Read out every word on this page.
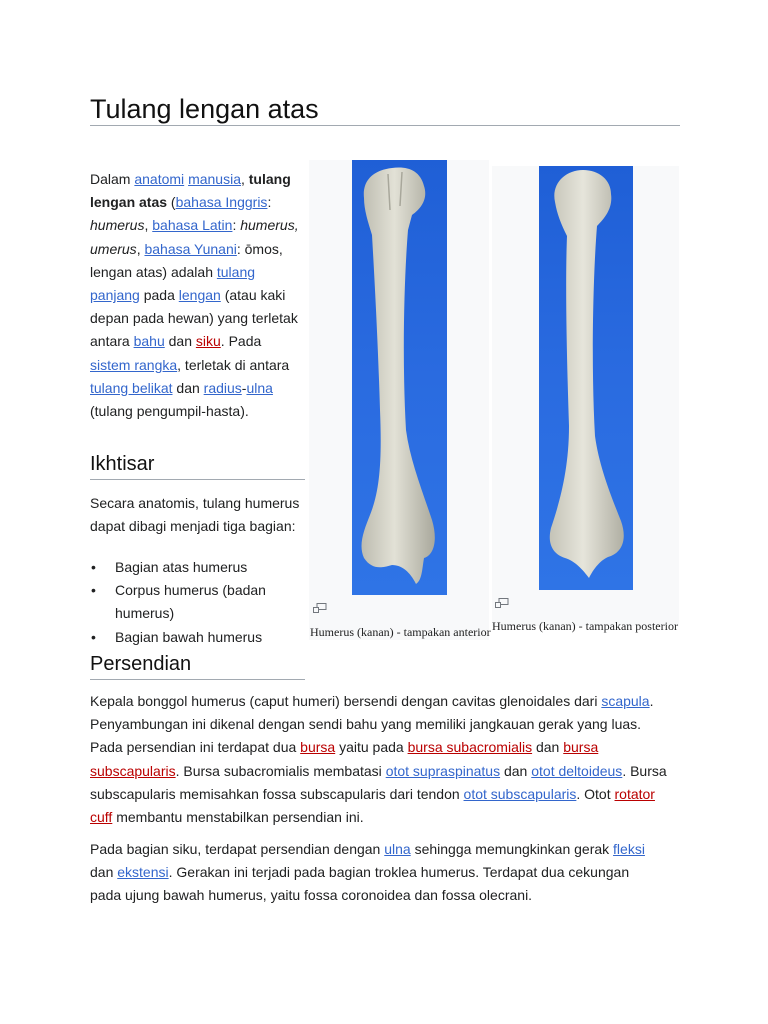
Tulang lengan atas

Dalam anatomi manusia, tulang lengan atas (bahasa Inggris: humerus, bahasa Latin: humerus, umerus, bahasa Yunani: ōmos, lengan atas) adalah tulang panjang pada lengan (atau kaki depan pada hewan) yang terletak antara bahu dan siku. Pada sistem rangka, terletak di antara tulang belikat dan radius-ulna (tulang pengumpil-hasta).

Ikhtisar

Secara anatomis, tulang humerus dapat dibagi menjadi tiga bagian:

• Bagian atas humerus
• Corpus humerus (badan humerus)
• Bagian bawah humerus
Persendian

Kepala bonggol humerus (caput humeri) bersendi dengan cavitas glenoidales dari scapula. Penyambungan ini dikenal dengan sendi bahu yang memiliki jangkauan gerak yang luas. Pada persendian ini terdapat dua bursa yaitu pada bursa subacromialis dan bursa subscapularis. Bursa subacromialis membatasi otot supraspinatus dan otot deltoideus. Bursa subscapularis memisahkan fossa subscapularis dari tendon otot subscapularis. Otot rotator cuff membantu menstabilkan persendian ini.

Pada bagian siku, terdapat persendian dengan ulna sehingga memungkinkan gerak fleksi dan ekstensi. Gerakan ini terjadi pada bagian troklea humerus. Terdapat dua cekungan pada ujung bawah humerus, yaitu fossa coronoidea dan fossa olecrani.

Humerus (kanan) - tampakan anterior Humerus (kanan) - tampakan posterior
